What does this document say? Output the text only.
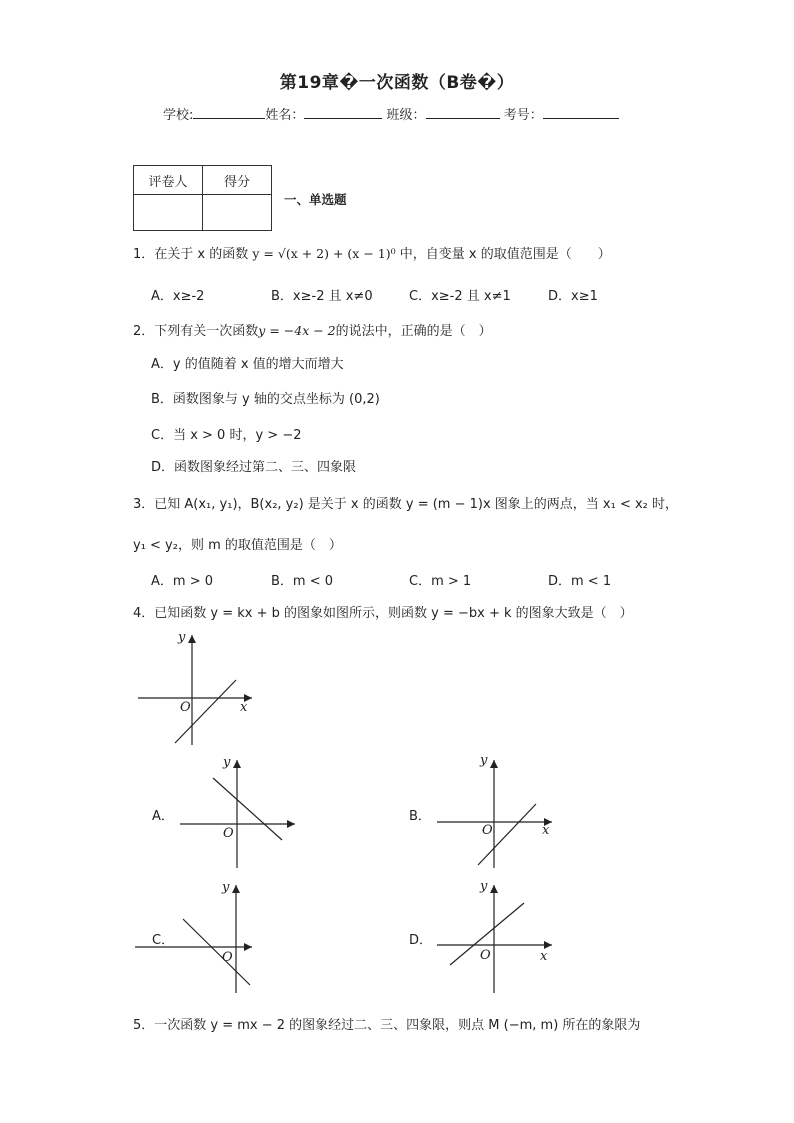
第19章�一次函数（B卷�）
学校:	姓名：	班级：	考号：
评卷人	得分

一、单选题
1．在关于 x 的函数 y = √(x + 2) + (x − 1)⁰ 中，自变量 x 的取值范围是（　　）
A．x≥-2	B．x≥-2 且 x≠0	C．x≥-2 且 x≠1	D．x≥1
2．下列有关一次函数y = −4x − 2的说法中，正确的是（　）
A．y 的值随着 x 值的增大而增大
B．函数图象与 y 轴的交点坐标为 (0,2)
C．当 x > 0 时，y > −2
D．函数图象经过第二、三、四象限
3．已知 A(x₁, y₁)，B(x₂, y₂) 是关于 x 的函数 y = (m − 1)x 图象上的两点，当 x₁ < x₂ 时，
y₁ < y₂，则 m 的取值范围是（　）
A．m > 0	B．m < 0	C．m > 1	D．m < 1
4．已知函数 y = kx + b 的图象如图所示，则函数 y = −bx + k 的图象大致是（　）
O	x
y
A．
O
y
B．
O	x
y
C．
O
y
D．
O	x
y
5．一次函数 y = mx − 2 的图象经过二、三、四象限，则点 M (−m, m) 所在的象限为
